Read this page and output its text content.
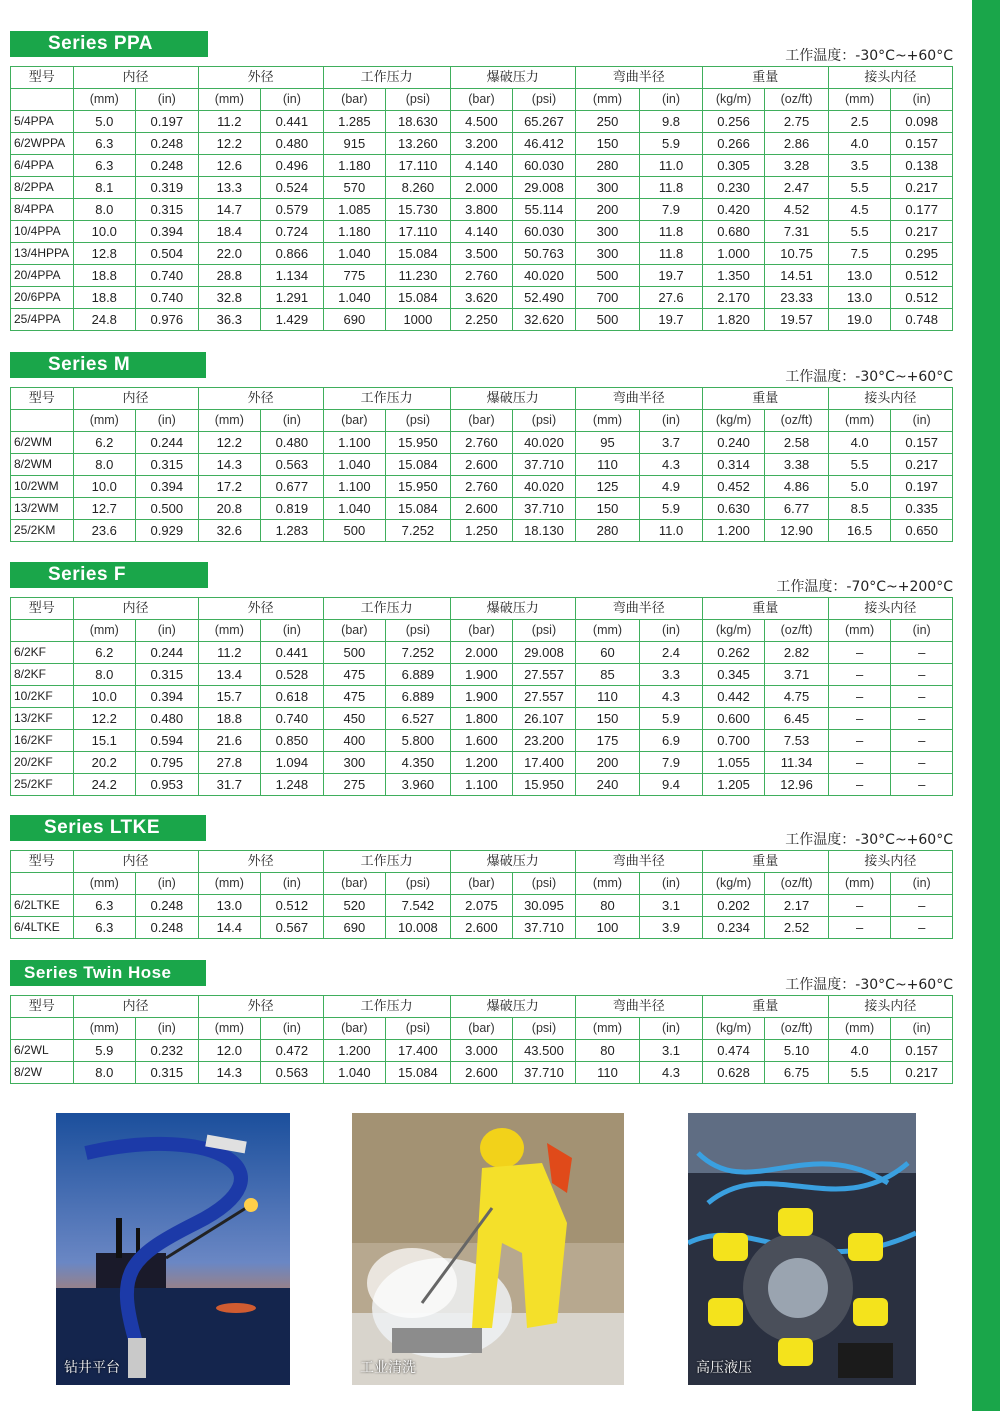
Series PPA
工作温度：-30°C~+60°C
型号	内径		外径		工作压力		爆破压力		弯曲半径		重量		接头内径	
	(mm)	(in)	(mm)	(in)	(bar)	(psi)	(bar)	(psi)	(mm)	(in)	(kg/m)	(oz/ft)	(mm)	(in)
5/4PPA	5.0	0.197	11.2	0.441	1.285	18.630	4.500	65.267	250	9.8	0.256	2.75	2.5	0.098
6/2WPPA	6.3	0.248	12.2	0.480	915	13.260	3.200	46.412	150	5.9	0.266	2.86	4.0	0.157
6/4PPA	6.3	0.248	12.6	0.496	1.180	17.110	4.140	60.030	280	11.0	0.305	3.28	3.5	0.138
8/2PPA	8.1	0.319	13.3	0.524	570	8.260	2.000	29.008	300	11.8	0.230	2.47	5.5	0.217
8/4PPA	8.0	0.315	14.7	0.579	1.085	15.730	3.800	55.114	200	7.9	0.420	4.52	4.5	0.177
10/4PPA	10.0	0.394	18.4	0.724	1.180	17.110	4.140	60.030	300	11.8	0.680	7.31	5.5	0.217
13/4HPPA	12.8	0.504	22.0	0.866	1.040	15.084	3.500	50.763	300	11.8	1.000	10.75	7.5	0.295
20/4PPA	18.8	0.740	28.8	1.134	775	11.230	2.760	40.020	500	19.7	1.350	14.51	13.0	0.512
20/6PPA	18.8	0.740	32.8	1.291	1.040	15.084	3.620	52.490	700	27.6	2.170	23.33	13.0	0.512
25/4PPA	24.8	0.976	36.3	1.429	690	1000	2.250	32.620	500	19.7	1.820	19.57	19.0	0.748
Series M
工作温度：-30°C~+60°C
型号	内径		外径		工作压力		爆破压力		弯曲半径		重量		接头内径	
	(mm)	(in)	(mm)	(in)	(bar)	(psi)	(bar)	(psi)	(mm)	(in)	(kg/m)	(oz/ft)	(mm)	(in)
6/2WM	6.2	0.244	12.2	0.480	1.100	15.950	2.760	40.020	95	3.7	0.240	2.58	4.0	0.157
8/2WM	8.0	0.315	14.3	0.563	1.040	15.084	2.600	37.710	110	4.3	0.314	3.38	5.5	0.217
10/2WM	10.0	0.394	17.2	0.677	1.100	15.950	2.760	40.020	125	4.9	0.452	4.86	5.0	0.197
13/2WM	12.7	0.500	20.8	0.819	1.040	15.084	2.600	37.710	150	5.9	0.630	6.77	8.5	0.335
25/2KM	23.6	0.929	32.6	1.283	500	7.252	1.250	18.130	280	11.0	1.200	12.90	16.5	0.650
Series F
工作温度：-70°C~+200°C
型号	内径		外径		工作压力		爆破压力		弯曲半径		重量		接头内径	
	(mm)	(in)	(mm)	(in)	(bar)	(psi)	(bar)	(psi)	(mm)	(in)	(kg/m)	(oz/ft)	(mm)	(in)
6/2KF	6.2	0.244	11.2	0.441	500	7.252	2.000	29.008	60	2.4	0.262	2.82	–	–
8/2KF	8.0	0.315	13.4	0.528	475	6.889	1.900	27.557	85	3.3	0.345	3.71	–	–
10/2KF	10.0	0.394	15.7	0.618	475	6.889	1.900	27.557	110	4.3	0.442	4.75	–	–
13/2KF	12.2	0.480	18.8	0.740	450	6.527	1.800	26.107	150	5.9	0.600	6.45	–	–
16/2KF	15.1	0.594	21.6	0.850	400	5.800	1.600	23.200	175	6.9	0.700	7.53	–	–
20/2KF	20.2	0.795	27.8	1.094	300	4.350	1.200	17.400	200	7.9	1.055	11.34	–	–
25/2KF	24.2	0.953	31.7	1.248	275	3.960	1.100	15.950	240	9.4	1.205	12.96	–	–
Series LTKE
工作温度：-30°C~+60°C
型号	内径		外径		工作压力		爆破压力		弯曲半径		重量		接头内径	
	(mm)	(in)	(mm)	(in)	(bar)	(psi)	(bar)	(psi)	(mm)	(in)	(kg/m)	(oz/ft)	(mm)	(in)
6/2LTKE	6.3	0.248	13.0	0.512	520	7.542	2.075	30.095	80	3.1	0.202	2.17	–	–
6/4LTKE	6.3	0.248	14.4	0.567	690	10.008	2.600	37.710	100	3.9	0.234	2.52	–	–
Series Twin Hose
工作温度：-30°C~+60°C
型号	内径		外径		工作压力		爆破压力		弯曲半径		重量		接头内径	
	(mm)	(in)	(mm)	(in)	(bar)	(psi)	(bar)	(psi)	(mm)	(in)	(kg/m)	(oz/ft)	(mm)	(in)
6/2WL	5.9	0.232	12.0	0.472	1.200	17.400	3.000	43.500	80	3.1	0.474	5.10	4.0	0.157
8/2W	8.0	0.315	14.3	0.563	1.040	15.084	2.600	37.710	110	4.3	0.628	6.75	5.5	0.217
钻井平台	工业清洗	高压液压
